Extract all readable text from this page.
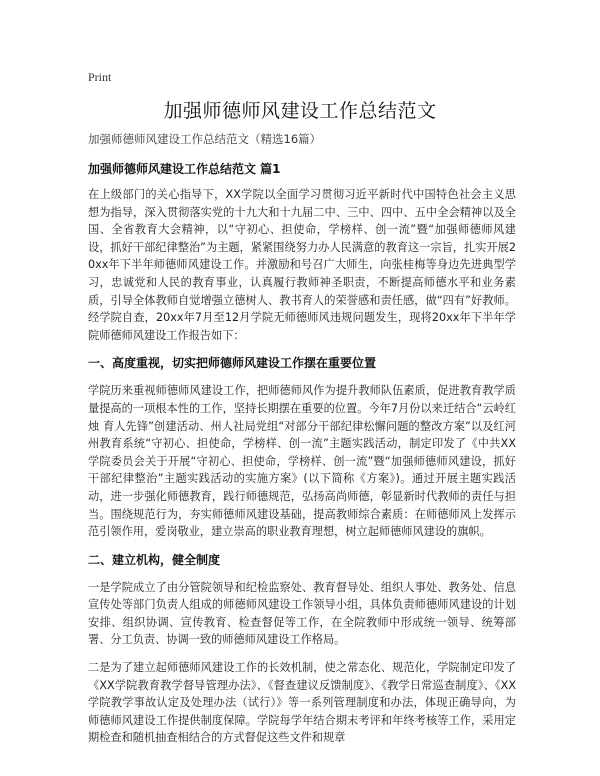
Print
加强师德师风建设工作总结范文

加强师德师风建设工作总结范文（精选16篇）

加强师德师风建设工作总结范文 篇1

在上级部门的关心指导下，XX学院以全面学习贯彻习近平新时代中国特色社会主义思想为指导，深入贯彻落实党的十九大和十九届二中、三中、四中、五中全会精神以及全国、全省教育大会精神，以“守初心、担使命，学榜样、创一流”暨“加强师德师风建设，抓好干部纪律整治”为主题，紧紧围绕努力办人民满意的教育这一宗旨，扎实开展20xx年下半年师德师风建设工作。并激励和号召广大师生，向张桂梅等身边先进典型学习，忠诚党和人民的教育事业，认真履行教师神圣职责，不断提高师德水平和业务素质，引导全体教师自觉增强立德树人、教书育人的荣誉感和责任感，做“四有”好教师。经学院自查，20xx年7月至12月学院无师德师风违规问题发生，现将20xx年下半年学院师德师风建设工作报告如下：

一、高度重视，切实把师德师风建设工作摆在重要位置

学院历来重视师德师风建设工作，把师德师风作为提升教师队伍素质，促进教育教学质量提高的一项根本性的工作，坚持长期摆在重要的位置。今年7月份以来迁结合“云岭红烛 育人先锋”创建活动、州人社局党组“对部分干部纪律松懈问题的整改方案”以及红河州教育系统“守初心、担使命，学榜样、创一流”主题实践活动，制定印发了《中共XX学院委员会关于开展“守初心、担使命，学榜样、创一流”暨“加强师德师风建设，抓好干部纪律整治”主题实践活动的实施方案》(以下简称《方案》)。通过开展主题实践活动，进一步强化师德教育，践行师德规范，弘扬高尚师德，彰显新时代教师的责任与担当。围绕规范行为，夯实师德师风建设基础，提高教师综合素质：在师德师风上发挥示范引领作用，爱岗敬业，建立崇高的职业教育理想，树立起师德师风建设的旗帜。

二、建立机构，健全制度

一是学院成立了由分管院领导和纪检监察处、教育督导处、组织人事处、教务处、信息宣传处等部门负责人组成的师德师风建设工作领导小组，具体负责师德师风建设的计划安排、组织协调、宣传教育、检查督促等工作，在全院教师中形成统一领导、统筹部署、分工负责、协调一致的师德师风建设工作格局。

二是为了建立起师德师风建设工作的长效机制，使之常态化、规范化，学院制定印发了《XX学院教育教学督导管理办法》、《督查建议反馈制度》、《教学日常巡查制度》、《XX学院教学事故认定及处理办法（试行）》等一系列管理制度和办法，体现正确导向，为师德师风建设工作提供制度保障。学院每学年结合期末考评和年终考核等工作，采用定期检查和随机抽查相结合的方式督促这些文件和规章
